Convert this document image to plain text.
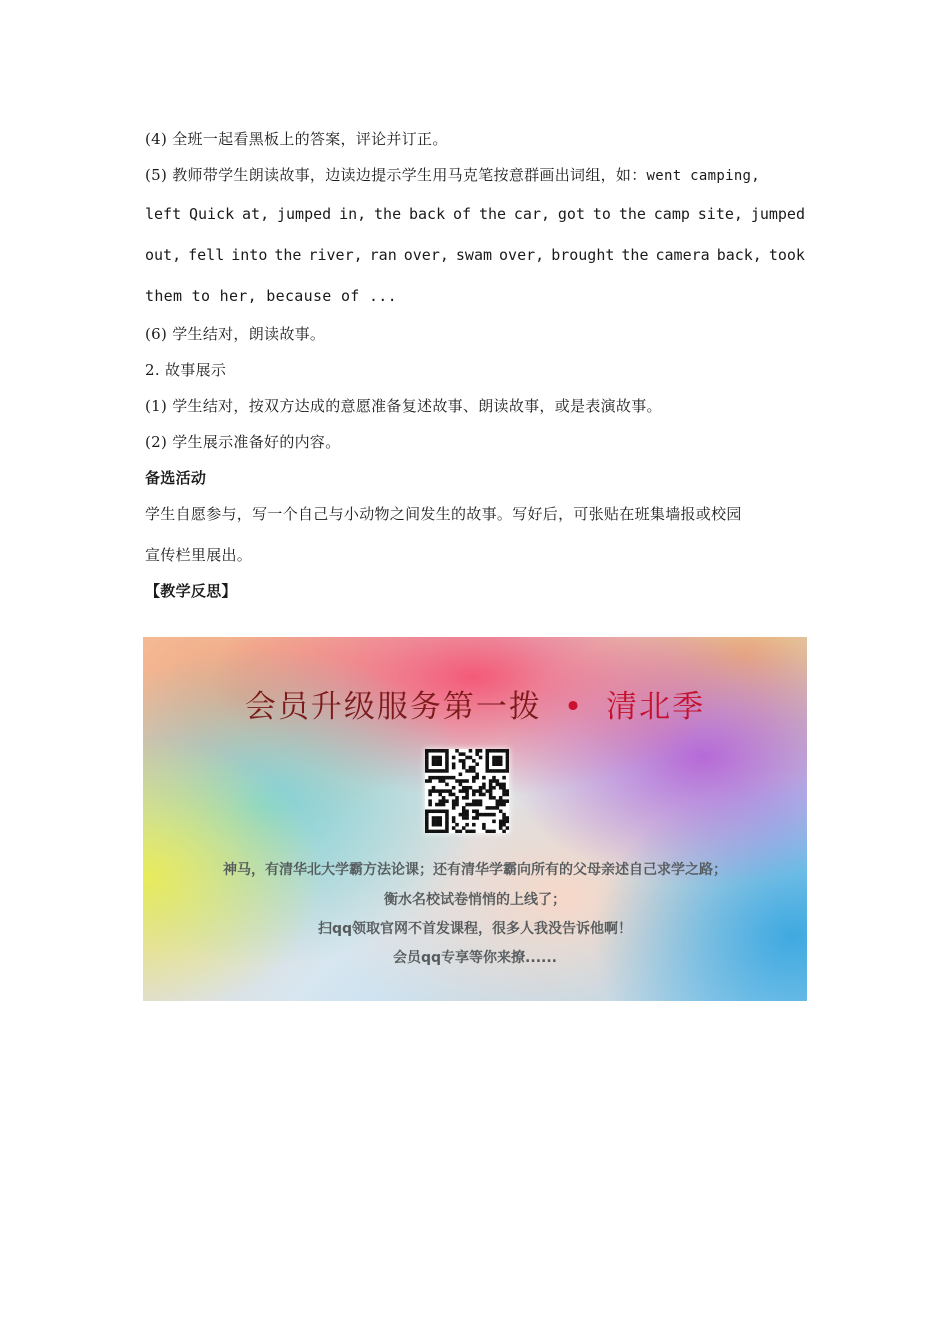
(4) 全班一起看黑板上的答案，评论并订正。
(5) 教师带学生朗读故事，边读边提示学生用马克笔按意群画出词组，如：went camping,
left Quick at, jumped in, the back of the car, got to the camp site, jumped
out, fell into the river, ran over, swam over, brought the camera back, took
them to her, because of ...
(6) 学生结对，朗读故事。
2. 故事展示
(1) 学生结对，按双方达成的意愿准备复述故事、朗读故事，或是表演故事。
(2) 学生展示准备好的内容。
备选活动
学生自愿参与，写一个自己与小动物之间发生的故事。写好后，可张贴在班集墙报或校园
宣传栏里展出。
【教学反思】
会员升级服务第一拨 • 清北季
神马，有清华北大学霸方法论课；还有清华学霸向所有的父母亲述自己求学之路；
衡水名校试卷悄悄的上线了；
扫qq领取官网不首发课程，很多人我没告诉他啊！
会员qq专享等你来撩......
